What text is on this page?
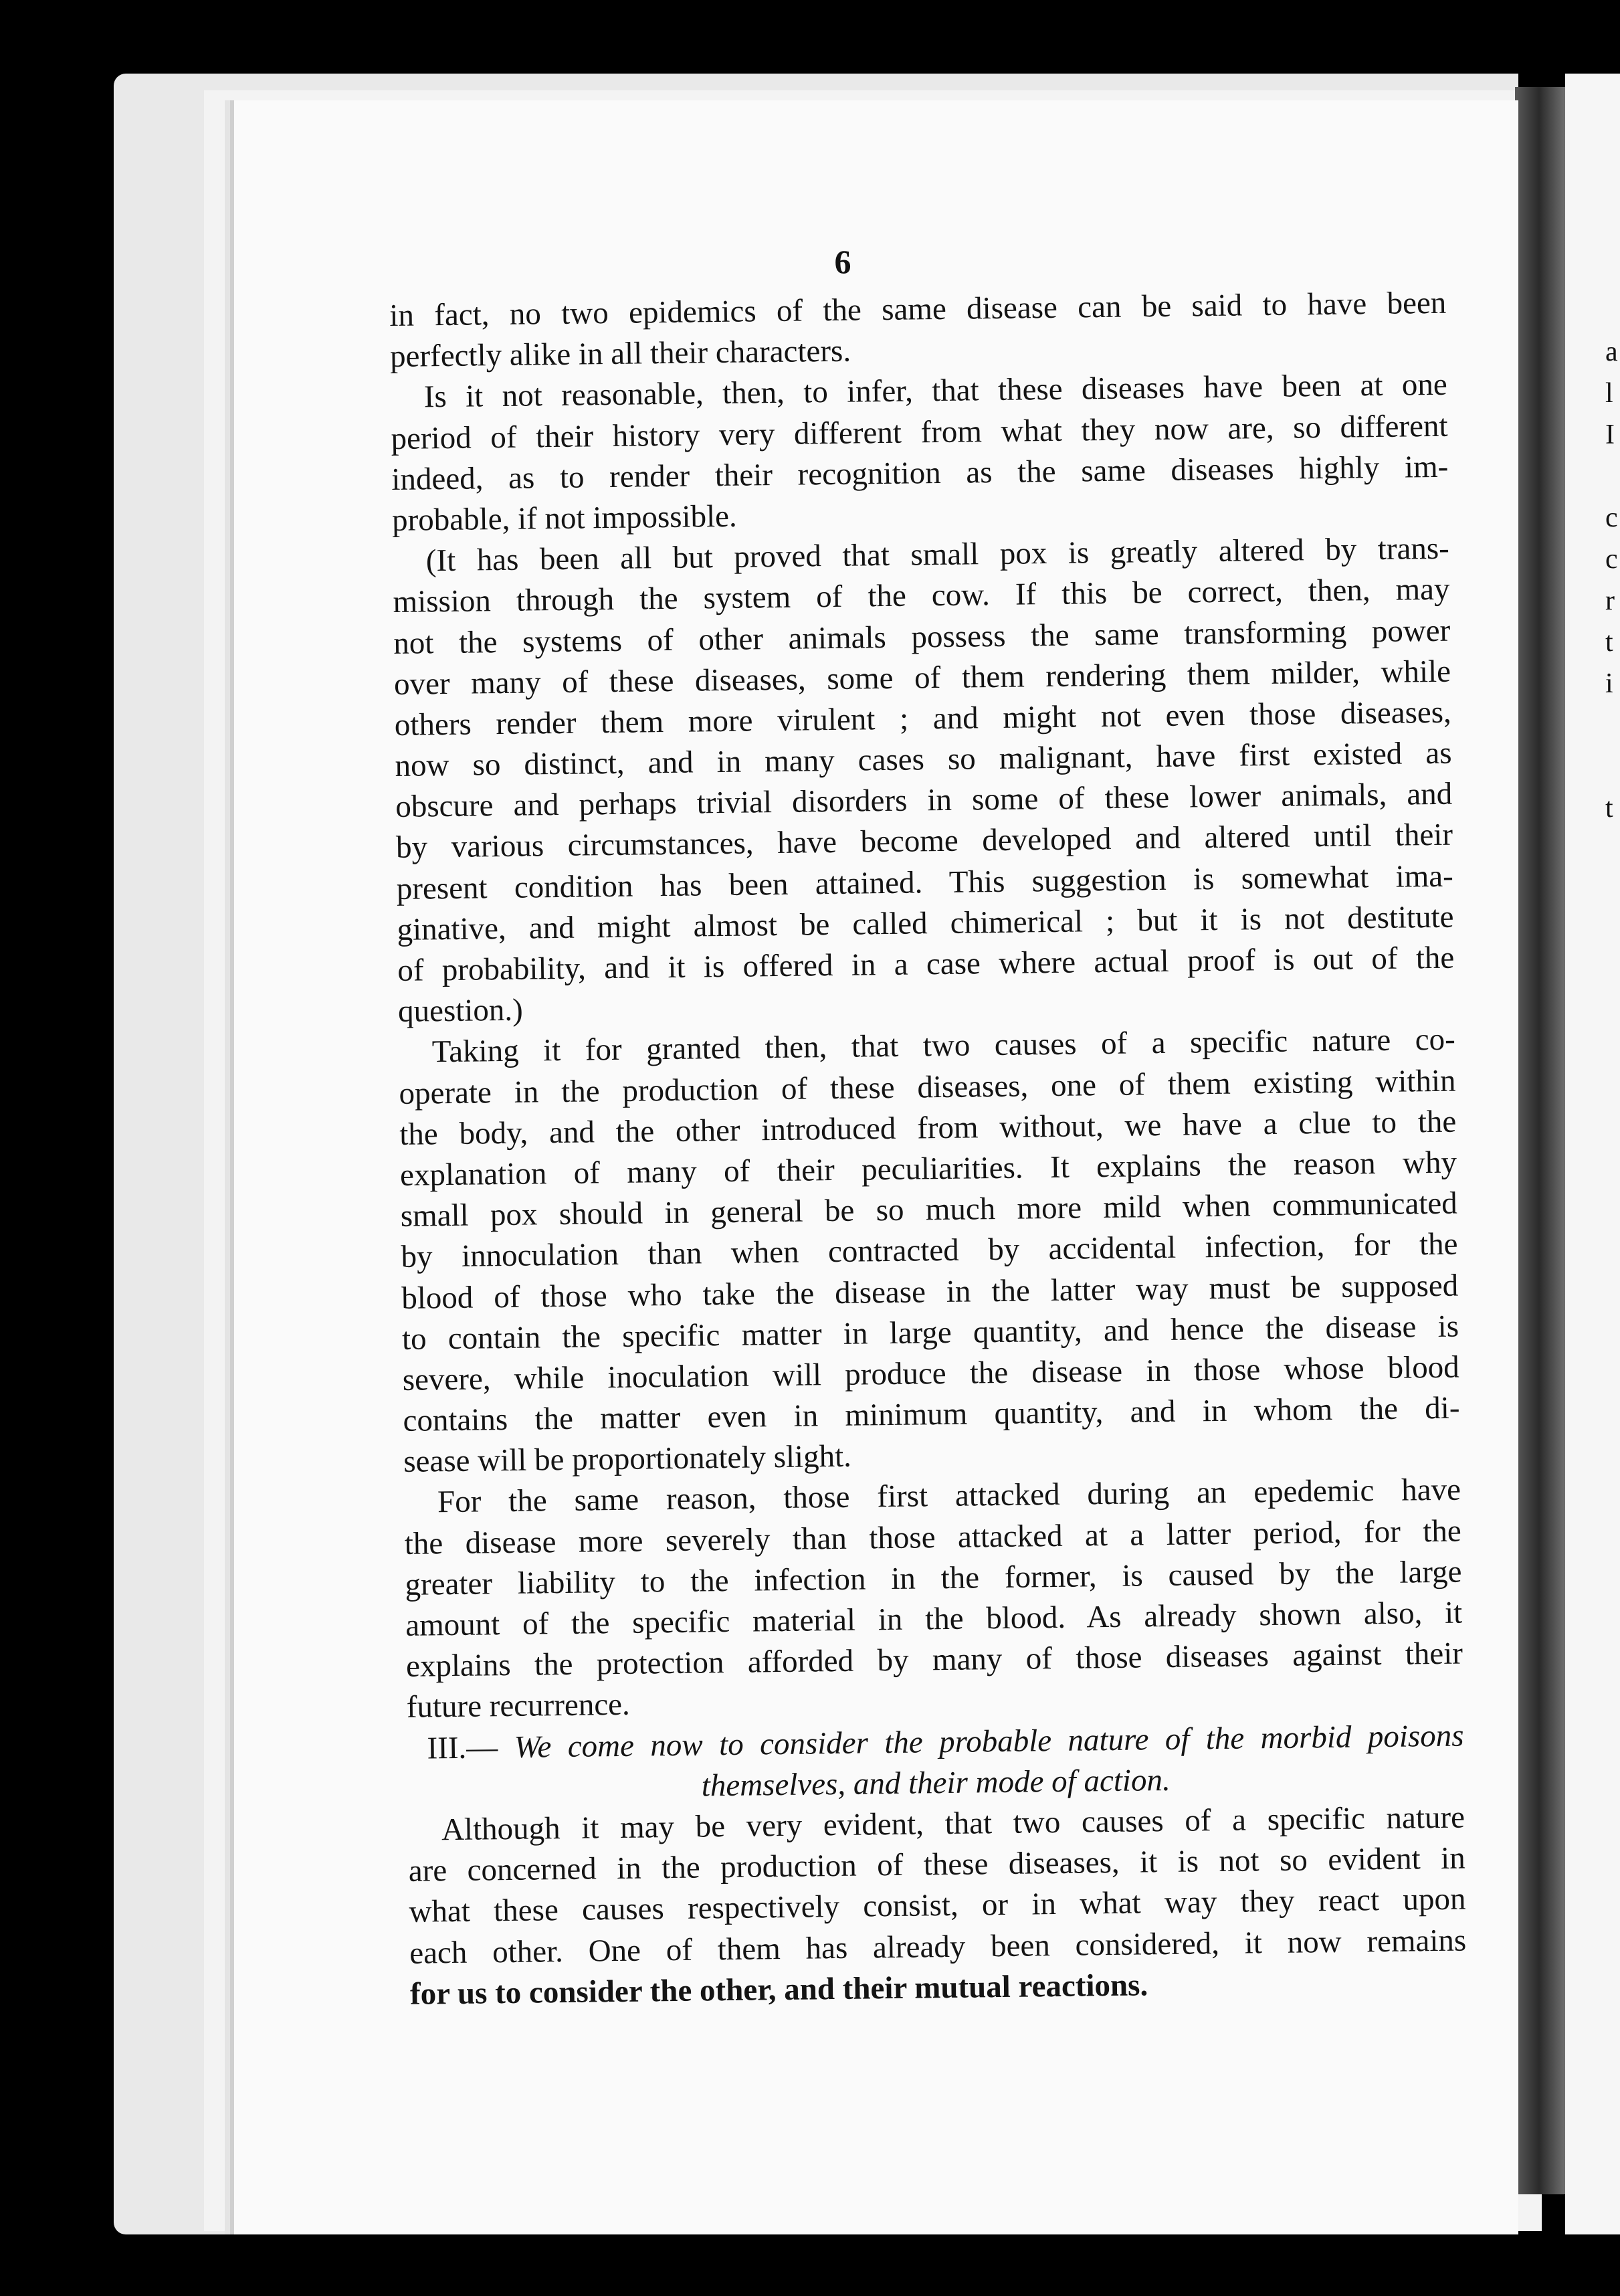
a
l
I

c
c
r
t
i

t
6
in fact, no two epidemics of the same disease can be said to have been
perfectly alike in all their characters.
Is it not reasonable, then, to infer, that these diseases have been at one
period of their history very different from what they now are, so different
indeed, as to render their recognition as the same diseases highly im-
probable, if not impossible.
(It has been all but proved that small pox is greatly altered by trans-
mission through the system of the cow. If this be correct, then, may
not the systems of other animals possess the same transforming power
over many of these diseases, some of them rendering them milder, while
others render them more virulent ; and might not even those diseases,
now so distinct, and in many cases so malignant, have first existed as
obscure and perhaps trivial disorders in some of these lower animals, and
by various circumstances, have become developed and altered until their
present condition has been attained. This suggestion is somewhat ima-
ginative, and might almost be called chimerical ; but it is not destitute
of probability, and it is offered in a case where actual proof is out of the
question.)
Taking it for granted then, that two causes of a specific nature co-
operate in the production of these diseases, one of them existing within
the body, and the other introduced from without, we have a clue to the
explanation of many of their peculiarities. It explains the reason why
small pox should in general be so much more mild when communicated
by innoculation than when contracted by accidental infection, for the
blood of those who take the disease in the latter way must be supposed
to contain the specific matter in large quantity, and hence the disease is
severe, while inoculation will produce the disease in those whose blood
contains the matter even in minimum quantity, and in whom the di-
sease will be proportionately slight.
For the same reason, those first attacked during an epedemic have
the disease more severely than those attacked at a latter period, for the
greater liability to the infection in the former, is caused by the large
amount of the specific material in the blood. As already shown also, it
explains the protection afforded by many of those diseases against their
future recurrence.
III.— We come now to consider the probable nature of the morbid poisons
themselves, and their mode of action.
Although it may be very evident, that two causes of a specific nature
are concerned in the production of these diseases, it is not so evident in
what these causes respectively consist, or in what way they react upon
each other. One of them has already been considered, it now remains
for us to consider the other, and their mutual reactions.
